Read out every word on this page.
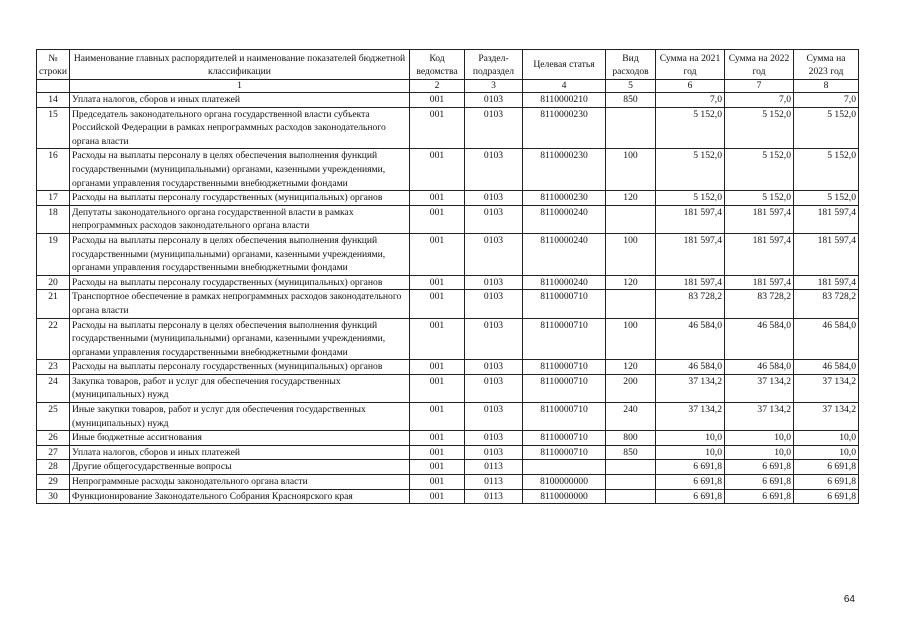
№ строки	Наименование главных распорядителей и наименование показателей бюджетной классификации	Код ведомства	Раздел-подраздел	Целевая статья	Вид расходов	Сумма на 2021 год	Сумма на 2022 год	Сумма на 2023 год
	1	2	3	4	5	6	7	8
14	Уплата налогов, сборов и иных платежей	001	0103	8110000210	850	7,0	7,0	7,0
15	Председатель законодательного органа государственной власти субъекта Российской Федерации в рамках непрограммных расходов законодательного органа власти	001	0103	8110000230		5 152,0	5 152,0	5 152,0
16	Расходы на выплаты персоналу в целях обеспечения выполнения функций государственными (муниципальными) органами, казенными учреждениями, органами управления государственными внебюджетными фондами	001	0103	8110000230	100	5 152,0	5 152,0	5 152,0
17	Расходы на выплаты персоналу государственных (муниципальных) органов	001	0103	8110000230	120	5 152,0	5 152,0	5 152,0
18	Депутаты законодательного органа государственной власти в рамках непрограммных расходов законодательного органа власти	001	0103	8110000240		181 597,4	181 597,4	181 597,4
19	Расходы на выплаты персоналу в целях обеспечения выполнения функций государственными (муниципальными) органами, казенными учреждениями, органами управления государственными внебюджетными фондами	001	0103	8110000240	100	181 597,4	181 597,4	181 597,4
20	Расходы на выплаты персоналу государственных (муниципальных) органов	001	0103	8110000240	120	181 597,4	181 597,4	181 597,4
21	Транспортное обеспечение в рамках непрограммных расходов законодательного органа власти	001	0103	8110000710		83 728,2	83 728,2	83 728,2
22	Расходы на выплаты персоналу в целях обеспечения выполнения функций государственными (муниципальными) органами, казенными учреждениями, органами управления государственными внебюджетными фондами	001	0103	8110000710	100	46 584,0	46 584,0	46 584,0
23	Расходы на выплаты персоналу государственных (муниципальных) органов	001	0103	8110000710	120	46 584,0	46 584,0	46 584,0
24	Закупка товаров, работ и услуг для обеспечения государственных (муниципальных) нужд	001	0103	8110000710	200	37 134,2	37 134,2	37 134,2
25	Иные закупки товаров, работ и услуг для обеспечения государственных (муниципальных) нужд	001	0103	8110000710	240	37 134,2	37 134,2	37 134,2
26	Иные бюджетные ассигнования	001	0103	8110000710	800	10,0	10,0	10,0
27	Уплата налогов, сборов и иных платежей	001	0103	8110000710	850	10,0	10,0	10,0
28	Другие общегосударственные вопросы	001	0113			6 691,8	6 691,8	6 691,8
29	Непрограммные расходы законодательного органа власти	001	0113	8100000000		6 691,8	6 691,8	6 691,8
30	Функционирование Законодательного Собрания Красноярского края	001	0113	8110000000		6 691,8	6 691,8	6 691,8
64
